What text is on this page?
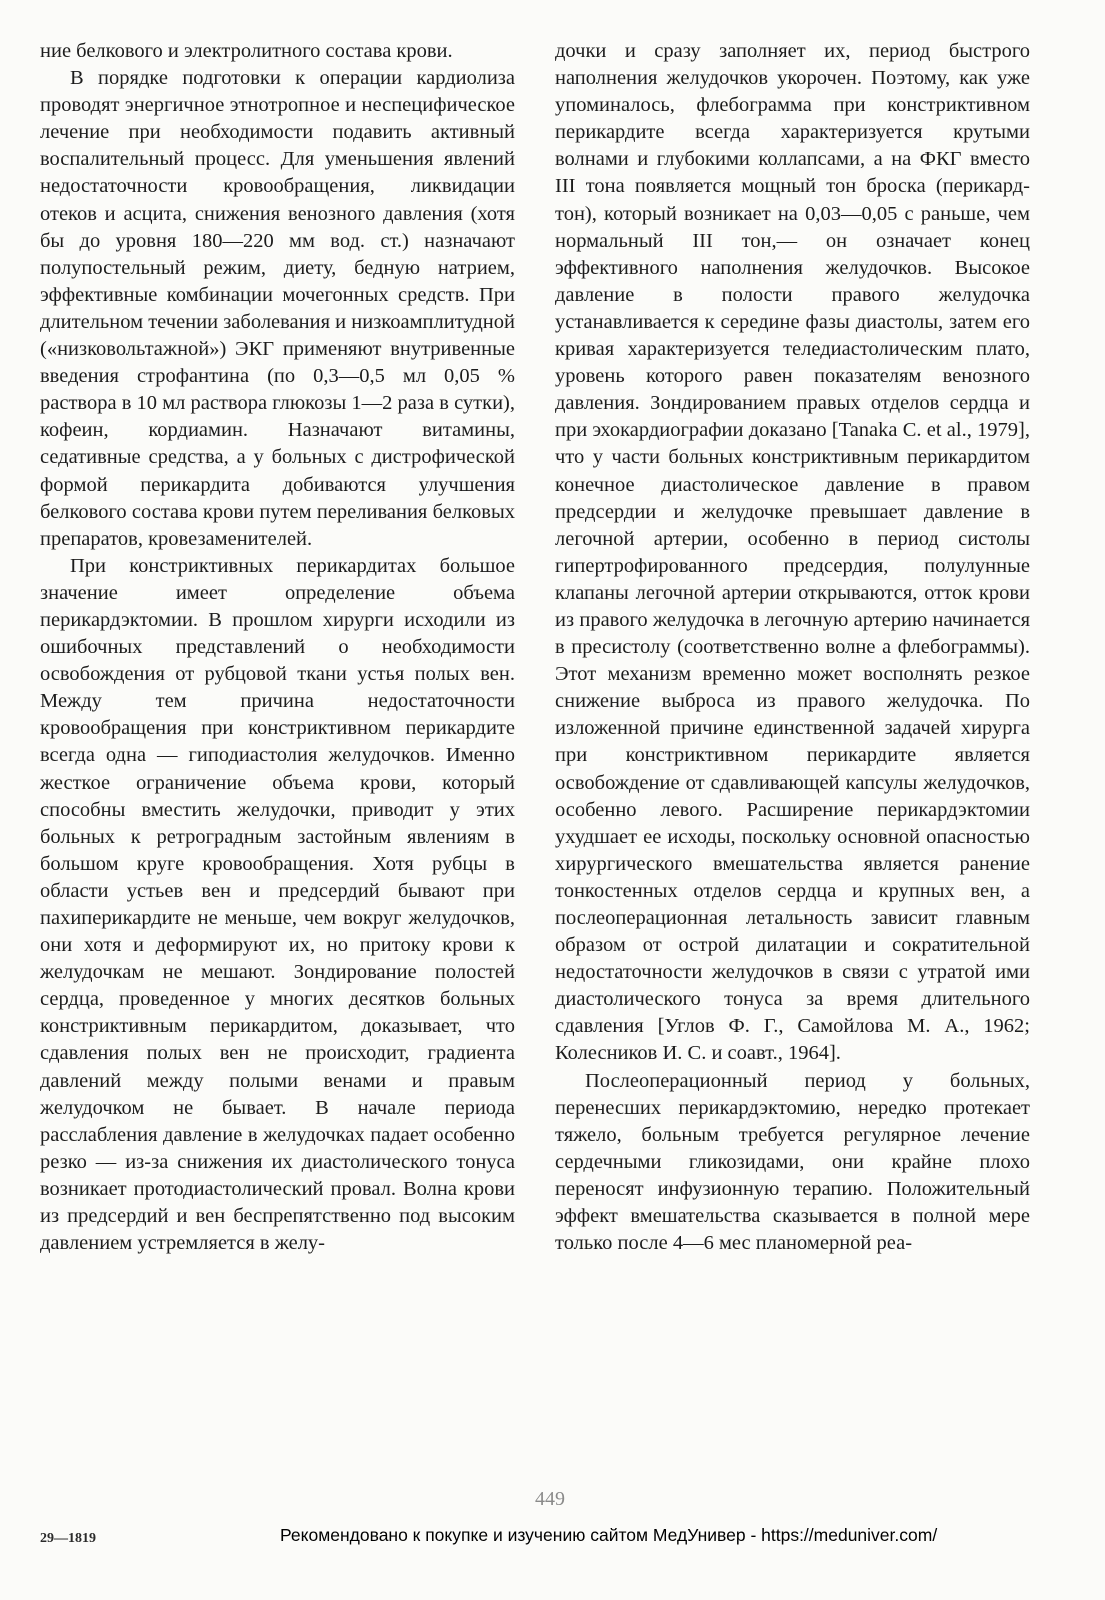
ние белкового и электролитного состава крови.

В порядке подготовки к операции кардиолиза проводят энергичное этнотропное и неспецифическое лечение при необходимости подавить активный воспалительный процесс. Для уменьшения явлений недостаточности кровообращения, ликвидации отеков и асцита, снижения венозного давления (хотя бы до уровня 180—220 мм вод. ст.) назначают полупостельный режим, диету, бедную натрием, эффективные комбинации мочегонных средств. При длительном течении заболевания и низкоамплитудной («низковольтажной») ЭКГ применяют внутривенные введения строфантина (по 0,3—0,5 мл 0,05 % раствора в 10 мл раствора глюкозы 1—2 раза в сутки), кофеин, кордиамин. Назначают витамины, седативные средства, а у больных с дистрофической формой перикардита добиваются улучшения белкового состава крови путем переливания белковых препаратов, кровезаменителей.

При констриктивных перикардитах большое значение имеет определение объема перикардэктомии. В прошлом хирурги исходили из ошибочных представлений о необходимости освобождения от рубцовой ткани устья полых вен. Между тем причина недостаточности кровообращения при констриктивном перикардите всегда одна — гиподиастолия желудочков. Именно жесткое ограничение объема крови, который способны вместить желудочки, приводит у этих больных к ретроградным застойным явлениям в большом круге кровообращения. Хотя рубцы в области устьев вен и предсердий бывают при пахиперикардите не меньше, чем вокруг желудочков, они хотя и деформируют их, но притоку крови к желудочкам не мешают. Зондирование полостей сердца, проведенное у многих десятков больных констриктивным перикардитом, доказывает, что сдавления полых вен не происходит, градиента давлений между полыми венами и правым желудочком не бывает. В начале периода расслабления давление в желудочках падает особенно резко — из-за снижения их диастолического тонуса возникает протодиастолический провал. Волна крови из предсердий и вен беспрепятственно под высоким давлением устремляется в желу-

дочки и сразу заполняет их, период быстрого наполнения желудочков укорочен. Поэтому, как уже упоминалось, флебограмма при констриктивном перикардите всегда характеризуется крутыми волнами и глубокими коллапсами, а на ФКГ вместо III тона появляется мощный тон броска (перикард-тон), который возникает на 0,03—0,05 с раньше, чем нормальный III тон,— он означает конец эффективного наполнения желудочков. Высокое давление в полости правого желудочка устанавливается к середине фазы диастолы, затем его кривая характеризуется теледиастолическим плато, уровень которого равен показателям венозного давления. Зондированием правых отделов сердца и при эхокардиографии доказано [Tanaka C. et al., 1979], что у части больных констриктивным перикардитом конечное диастолическое давление в правом предсердии и желудочке превышает давление в легочной артерии, особенно в период систолы гипертрофированного предсердия, полулунные клапаны легочной артерии открываются, отток крови из правого желудочка в легочную артерию начинается в пресистолу (соответственно волне a флебограммы). Этот механизм временно может восполнять резкое снижение выброса из правого желудочка. По изложенной причине единственной задачей хирурга при констриктивном перикардите является освобождение от сдавливающей капсулы желудочков, особенно левого. Расширение перикардэктомии ухудшает ее исходы, поскольку основной опасностью хирургического вмешательства является ранение тонкостенных отделов сердца и крупных вен, а послеоперационная летальность зависит главным образом от острой дилатации и сократительной недостаточности желудочков в связи с утратой ими диастолического тонуса за время длительного сдавления [Углов Ф. Г., Самойлова М. А., 1962; Колесников И. С. и соавт., 1964].

Послеоперационный период у больных, перенесших перикардэктомию, нередко протекает тяжело, больным требуется регулярное лечение сердечными гликозидами, они крайне плохо переносят инфузионную терапию. Положительный эффект вмешательства сказывается в полной мере только после 4—6 мес планомерной реа-

449
29—1819	Рекомендовано к покупке и изучению сайтом МедУнивер - https://meduniver.com/
